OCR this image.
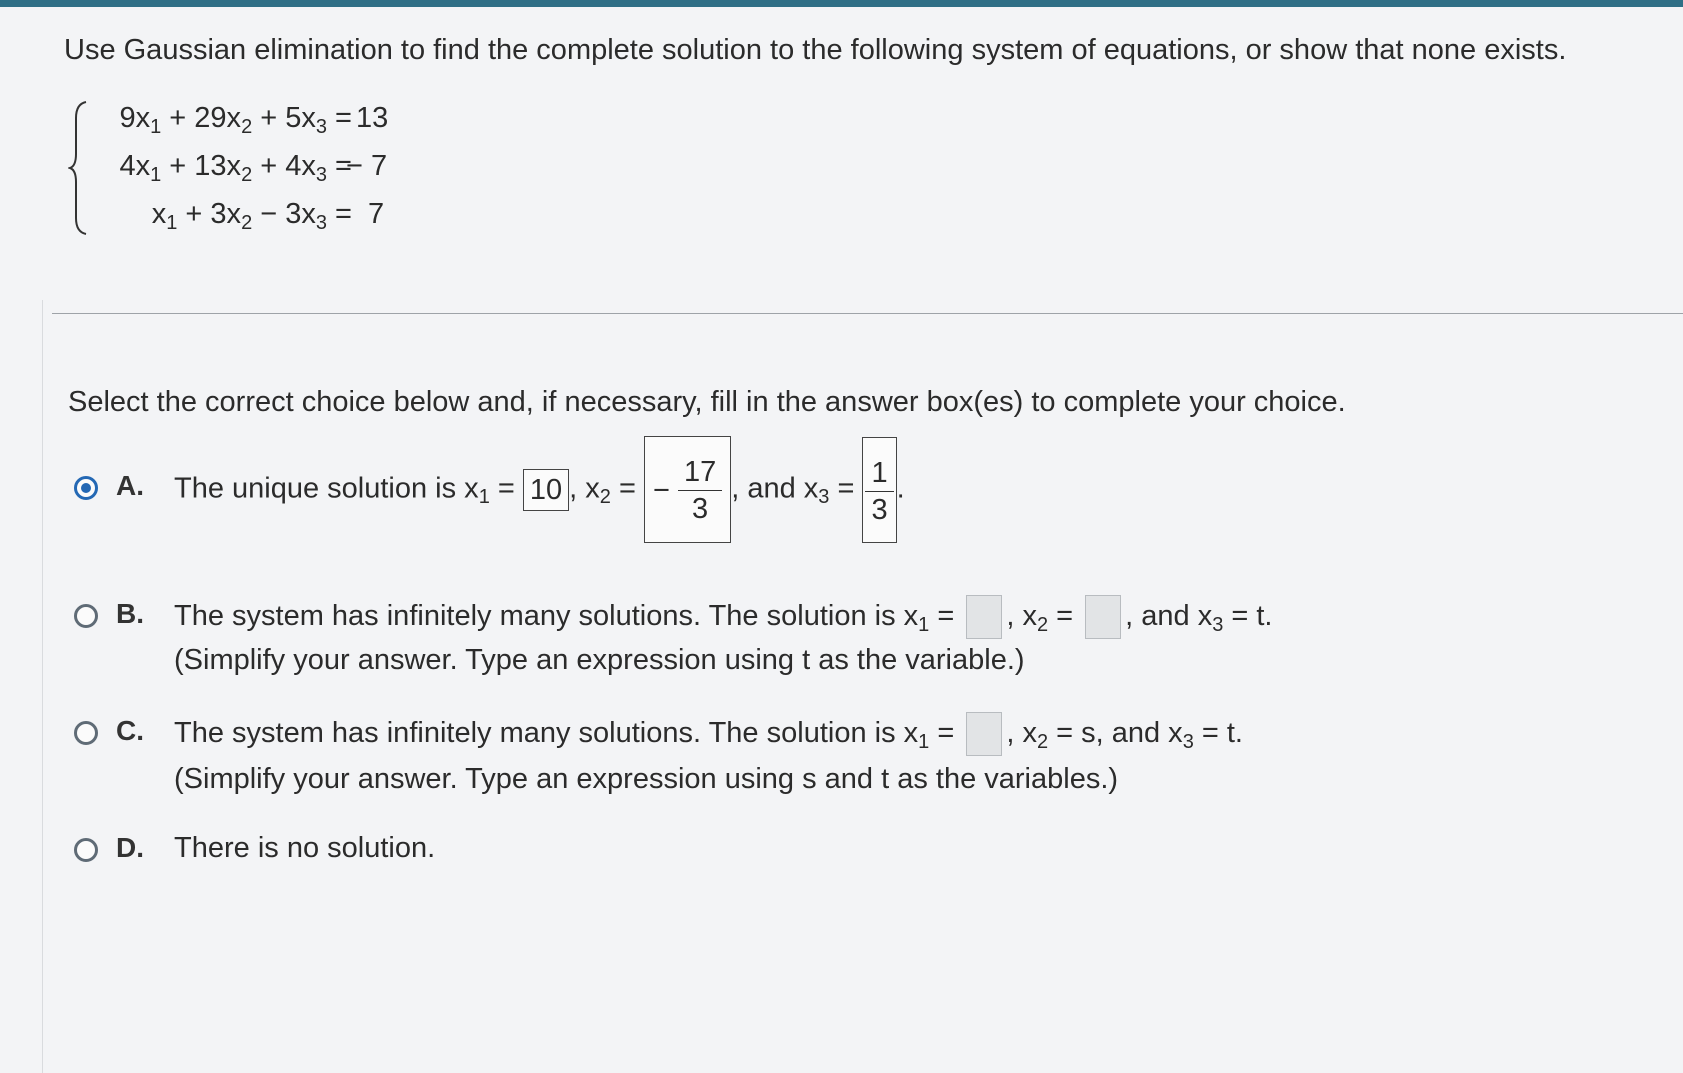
Use Gaussian elimination to find the complete solution to the following system of equations, or show that none exists.
$9x_1 + 29x_2 + 5x_3 = 13$
$4x_1 + 13x_2 + 4x_3$ =
− 7
$x_1 + 3x_2 - 3x_3 = 7$
Select the correct choice below and, if necessary, fill in the answer box(es) to complete your choice.
A. The unique solution is $x_1 = 10$ , $x_2$ = − $\frac{17}{3}$ , and $x_3 = \frac{1}{3}$ .
B. The system has infinitely many solutions. The solution is $x_1$ = , $x_2$ = , and $x_3 = t$.
(Simplify your answer. Type an expression using t as the variable.)
C. The system has infinitely many solutions. The solution is $x_1$ = , $x_2 = s$, and $x_3 = t$.
(Simplify your answer. Type an expression using s and t as the variables.)
D. There is no solution.
